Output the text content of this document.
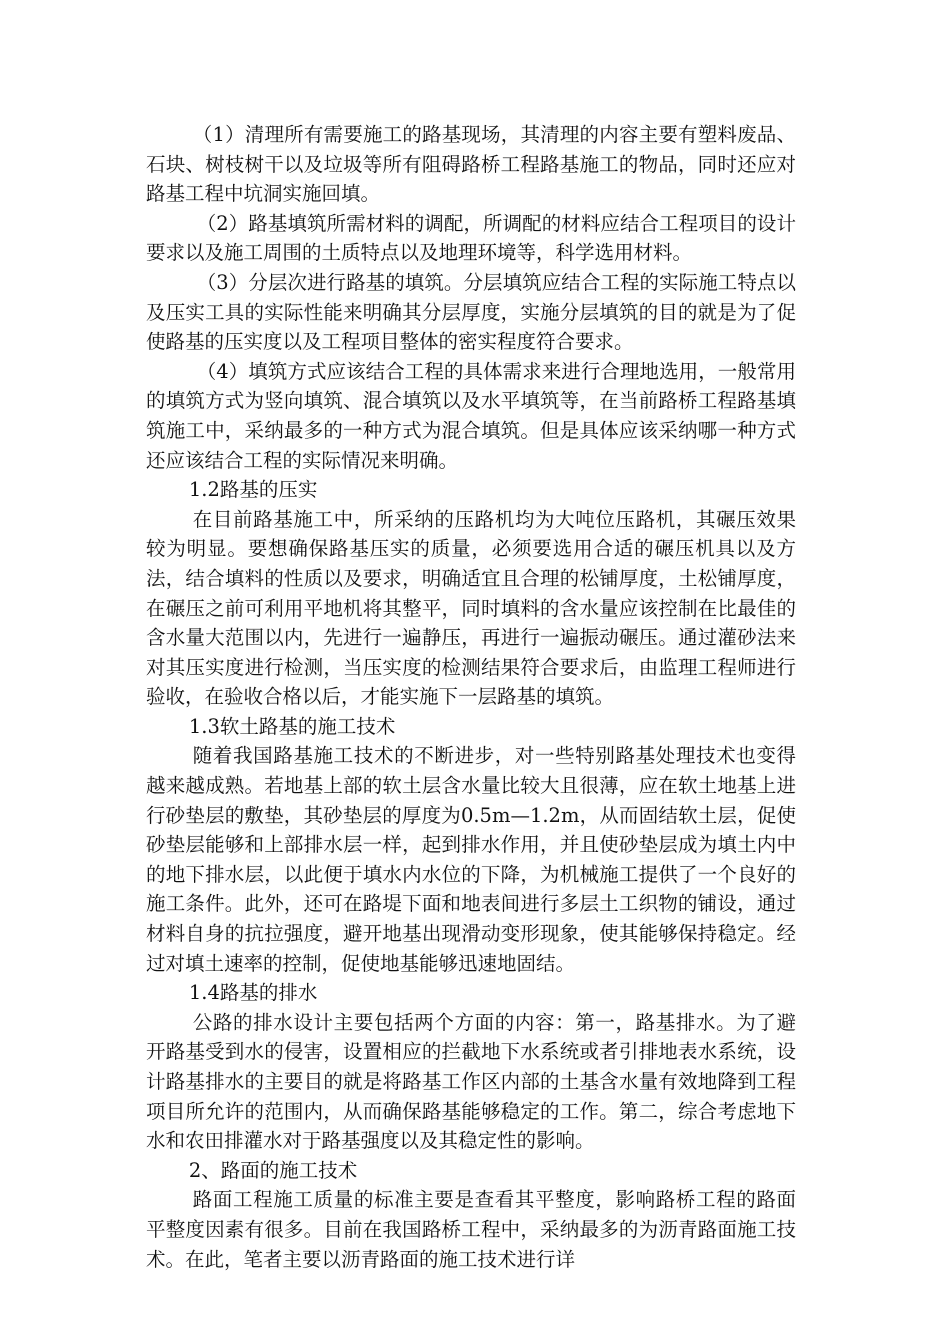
（1）清理所有需要施工的路基现场，其清理的内容主要有塑料废品、石块、树枝树干以及垃圾等所有阻碍路桥工程路基施工的物品，同时还应对路基工程中坑洞实施回填。

（2）路基填筑所需材料的调配，所调配的材料应结合工程项目的设计要求以及施工周围的土质特点以及地理环境等，科学选用材料。

（3）分层次进行路基的填筑。分层填筑应结合工程的实际施工特点以及压实工具的实际性能来明确其分层厚度，实施分层填筑的目的就是为了促使路基的压实度以及工程项目整体的密实程度符合要求。

（4）填筑方式应该结合工程的具体需求来进行合理地选用，一般常用的填筑方式为竖向填筑、混合填筑以及水平填筑等，在当前路桥工程路基填筑施工中，采纳最多的一种方式为混合填筑。但是具体应该采纳哪一种方式还应该结合工程的实际情况来明确。

1.2路基的压实

在目前路基施工中，所采纳的压路机均为大吨位压路机，其碾压效果较为明显。要想确保路基压实的质量，必须要选用合适的碾压机具以及方法，结合填料的性质以及要求，明确适宜且合理的松铺厚度，土松铺厚度，在碾压之前可利用平地机将其整平，同时填料的含水量应该控制在比最佳的含水量大范围以内，先进行一遍静压，再进行一遍振动碾压。通过灌砂法来对其压实度进行检测，当压实度的检测结果符合要求后，由监理工程师进行验收，在验收合格以后，才能实施下一层路基的填筑。

1.3软土路基的施工技术

随着我国路基施工技术的不断进步，对一些特别路基处理技术也变得越来越成熟。若地基上部的软土层含水量比较大且很薄，应在软土地基上进行砂垫层的敷垫，其砂垫层的厚度为0.5m—1.2m，从而固结软土层，促使砂垫层能够和上部排水层一样，起到排水作用，并且使砂垫层成为填土内中的地下排水层，以此便于填水内水位的下降，为机械施工提供了一个良好的施工条件。此外，还可在路堤下面和地表间进行多层土工织物的铺设，通过材料自身的抗拉强度，避开地基出现滑动变形现象，使其能够保持稳定。经过对填土速率的控制，促使地基能够迅速地固结。

1.4路基的排水

公路的排水设计主要包括两个方面的内容：第一，路基排水。为了避开路基受到水的侵害，设置相应的拦截地下水系统或者引排地表水系统，设计路基排水的主要目的就是将路基工作区内部的土基含水量有效地降到工程项目所允许的范围内，从而确保路基能够稳定的工作。第二，综合考虑地下水和农田排灌水对于路基强度以及其稳定性的影响。

2、路面的施工技术

路面工程施工质量的标准主要是查看其平整度，影响路桥工程的路面平整度因素有很多。目前在我国路桥工程中，采纳最多的为沥青路面施工技术。在此，笔者主要以沥青路面的施工技术进行详
